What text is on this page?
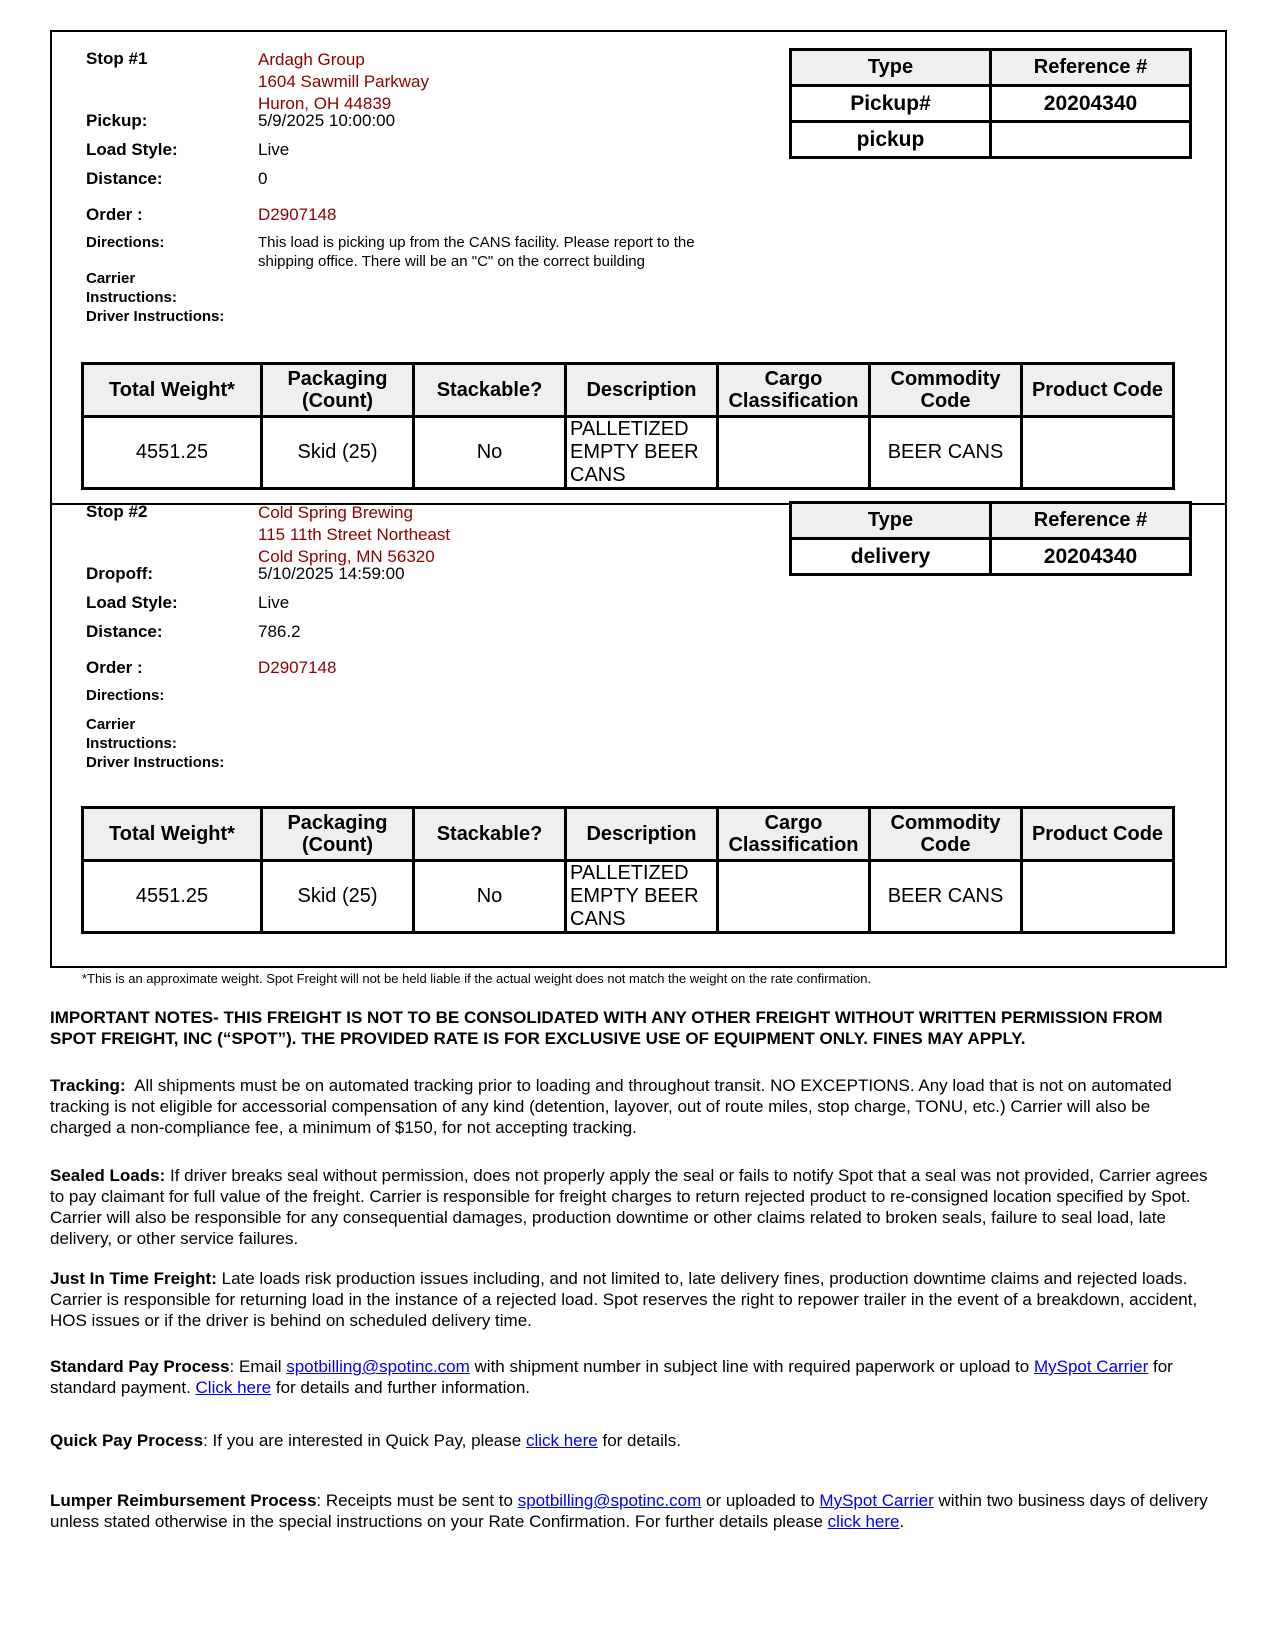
Stop #1	Ardagh Group
1604 Sawmill Parkway
Huron, OH 44839
Pickup:	5/9/2025 10:00:00
Load Style:	Live
Distance:	0
Order :	D2907148
Directions:	This load is picking up from the CANS facility. Please report to the shipping office. There will be an "C" on the correct building
Carrier
Instructions:
Driver Instructions:
Type	Reference #
Pickup#	20204340
pickup	
Total Weight*	Packaging (Count)	Stackable?	Description	Cargo Classification	Commodity Code	Product Code
4551.25	Skid (25)	No	PALLETIZED EMPTY BEER CANS		BEER CANS	
Stop #2	Cold Spring Brewing
115 11th Street Northeast
Cold Spring, MN 56320
Dropoff:	5/10/2025 14:59:00
Load Style:	Live
Distance:	786.2
Order :	D2907148
Directions:
Carrier
Instructions:
Driver Instructions:
Type	Reference #
delivery	20204340
Total Weight*	Packaging (Count)	Stackable?	Description	Cargo Classification	Commodity Code	Product Code
4551.25	Skid (25)	No	PALLETIZED EMPTY BEER CANS		BEER CANS	
*This is an approximate weight. Spot Freight will not be held liable if the actual weight does not match the weight on the rate confirmation.
IMPORTANT NOTES- THIS FREIGHT IS NOT TO BE CONSOLIDATED WITH ANY OTHER FREIGHT WITHOUT WRITTEN PERMISSION FROM SPOT FREIGHT, INC (“SPOT”). THE PROVIDED RATE IS FOR EXCLUSIVE USE OF EQUIPMENT ONLY. FINES MAY APPLY.
Tracking: All shipments must be on automated tracking prior to loading and throughout transit. NO EXCEPTIONS. Any load that is not on automated tracking is not eligible for accessorial compensation of any kind (detention, layover, out of route miles, stop charge, TONU, etc.) Carrier will also be charged a non-compliance fee, a minimum of $150, for not accepting tracking.
Sealed Loads: If driver breaks seal without permission, does not properly apply the seal or fails to notify Spot that a seal was not provided, Carrier agrees to pay claimant for full value of the freight. Carrier is responsible for freight charges to return rejected product to re-consigned location specified by Spot. Carrier will also be responsible for any consequential damages, production downtime or other claims related to broken seals, failure to seal load, late delivery, or other service failures.
Just In Time Freight: Late loads risk production issues including, and not limited to, late delivery fines, production downtime claims and rejected loads. Carrier is responsible for returning load in the instance of a rejected load. Spot reserves the right to repower trailer in the event of a breakdown, accident, HOS issues or if the driver is behind on scheduled delivery time.
Standard Pay Process: Email spotbilling@spotinc.com with shipment number in subject line with required paperwork or upload to MySpot Carrier for standard payment. Click here for details and further information.
Quick Pay Process: If you are interested in Quick Pay, please click here for details.
Lumper Reimbursement Process: Receipts must be sent to spotbilling@spotinc.com or uploaded to MySpot Carrier within two business days of delivery unless stated otherwise in the special instructions on your Rate Confirmation. For further details please click here.
